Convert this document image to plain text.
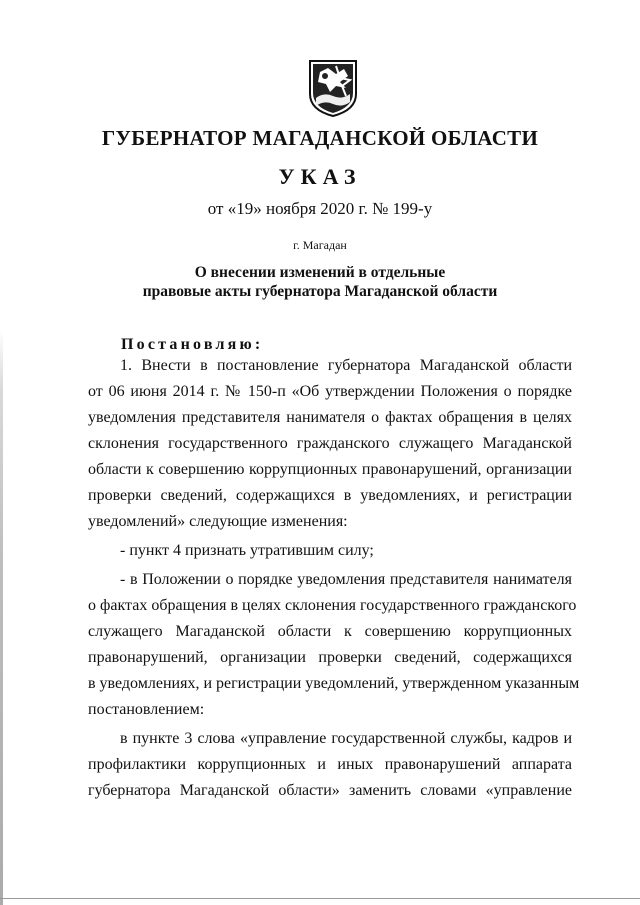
ГУБЕРНАТОР МАГАДАНСКОЙ ОБЛАСТИ
УКАЗ
от «19» ноября 2020 г. № 199-у
г. Магадан
О внесении изменений в отдельные
правовые акты губернатора Магаданской области
Постановляю:
1. Внести в постановление губернатора Магаданской области
от 06 июня 2014 г. № 150-п «Об утверждении Положения о порядке
уведомления представителя нанимателя о фактах обращения в целях
склонения государственного гражданского служащего Магаданской
области к совершению коррупционных правонарушений, организации
проверки сведений, содержащихся в уведомлениях, и регистрации
уведомлений» следующие изменения:
- пункт 4 признать утратившим силу;
- в Положении о порядке уведомления представителя нанимателя
о фактах обращения в целях склонения государственного гражданского
служащего Магаданской области к совершению коррупционных
правонарушений, организации проверки сведений, содержащихся
в уведомлениях, и регистрации уведомлений, утвержденном указанным
постановлением:
в пункте 3 слова «управление государственной службы, кадров и
профилактики коррупционных и иных правонарушений аппарата
губернатора Магаданской области» заменить словами «управление
